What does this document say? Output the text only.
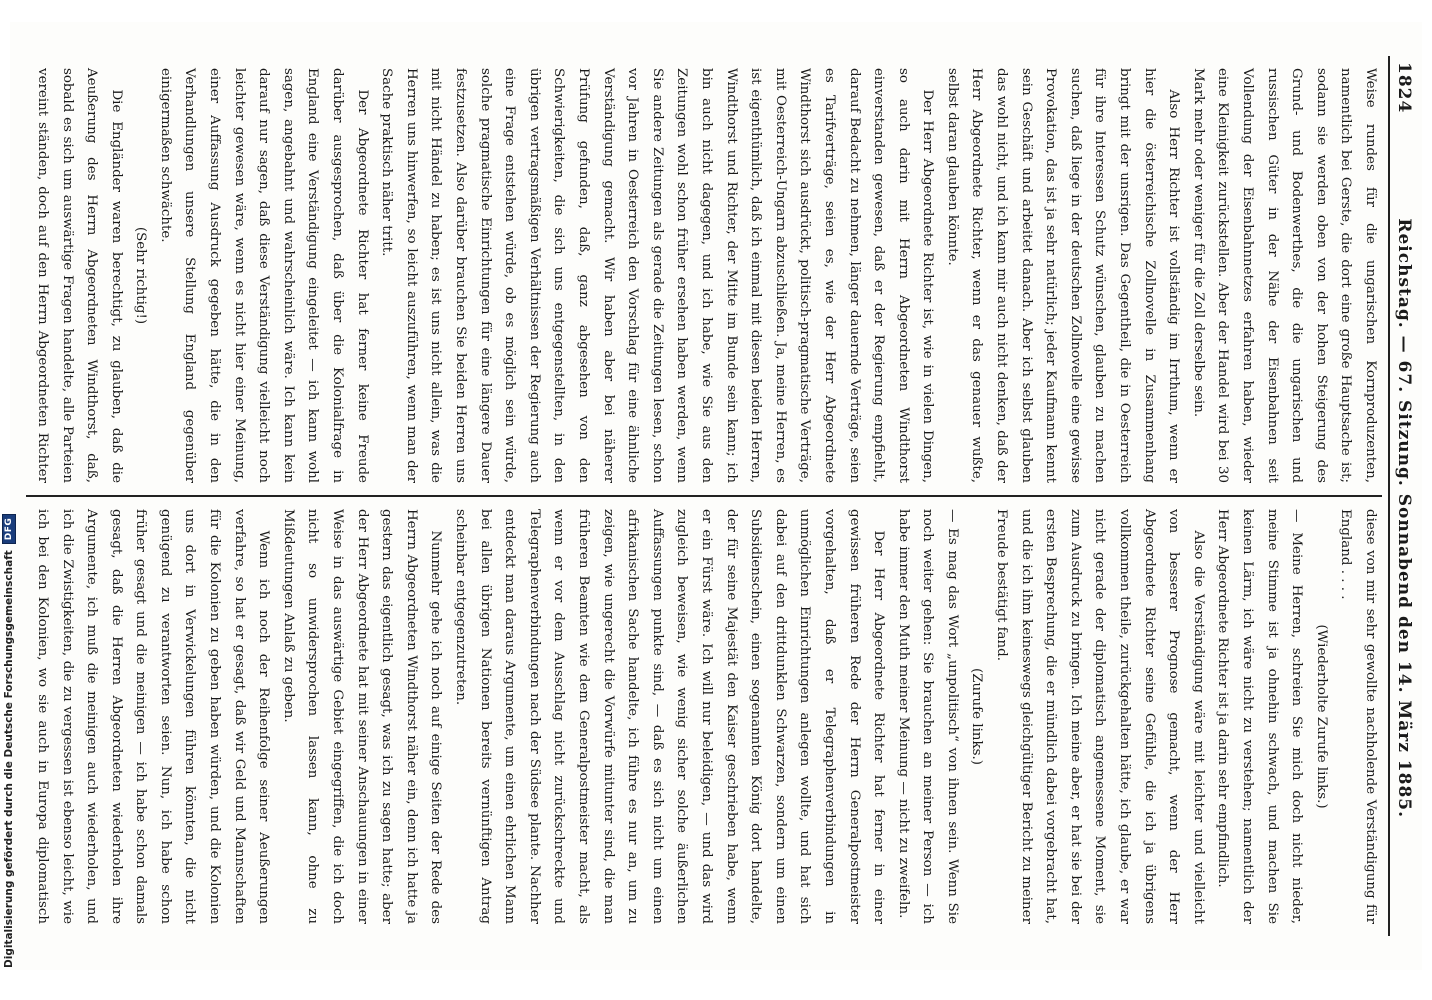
1824
Reichstag. — 67. Sitzung. Sonnabend den 14. März 1885.

Weise rundes für die ungarischen Kornproduzenten, namentlich bei Gerste, die dort eine große Hauptsache ist; sodann sie werden oben von der hohen Steigerung des Grund- und Bodenwerthes, die die ungarischen und russischen Güter in der Nähe der Eisenbahnen seit Vollendung der Eisenbahnnetzes erfahren haben, wieder eine Kleinigkeit zurückstellen. Aber der Handel wird bei 30 Mark mehr oder weniger für die Zoll derselbe sein.

Also Herr Richter ist vollständig im Irrthum, wenn er hier die österreichische Zollnovelle in Zusammenhang bringt mit der unsrigen. Das Gegentheil, die in Oesterreich für ihre Interessen Schutz wünschen, glauben zu machen suchen, daß liege in der deutschen Zollnovelle eine gewisse Provokation, das ist ja sehr natürlich; jeder Kaufmann kennt sein Geschäft und arbeitet danach. Aber ich selbst glauben das wohl nicht, und ich kann mir auch nicht denken, daß der Herr Abgeordnete Richter, wenn er das genauer wußte, selbst daran glauben könnte.

Der Herr Abgeordnete Richter ist, wie in vielen Dingen, so auch darin mit Herrn Abgeordneten Windthorst einverstanden gewesen, daß er der Regierung empfiehlt, darauf Bedacht zu nehmen, länger dauernde Verträge, seien es Tarifverträge, seien es, wie der Herr Abgeordnete Windthorst sich ausdrückt, politisch-pragmatische Verträge, mit Oesterreich-Ungarn abzuschließen. Ja, meine Herren, es ist eigenthümlich, daß ich einmal mit diesen beiden Herren, Windthorst und Richter, der Mitte im Bunde sein kann; ich bin auch nicht dagegen, und ich habe, wie Sie aus den Zeitungen wohl schon früher ersehen haben werden, wenn Sie andere Zeitungen als gerade die Zeitungen lesen, schon vor Jahren in Oesterreich den Vorschlag für eine ähnliche Verständigung gemacht. Wir haben aber bei näherer Prüfung gefunden, daß, ganz abgesehen von den Schwierigkeiten, die sich uns entgegenstellten, in den übrigen vertragsmäßigen Verhältnissen der Regierung auch eine Frage entstehen würde, ob es möglich sein würde, solche pragmatische Einrichtungen für eine längere Dauer festzusetzen. Also darüber brauchen Sie beiden Herren uns mit nicht Händel zu haben; es ist uns nicht allein, was die Herren uns hinwerfen, so leicht auszuführen, wenn man der Sache praktisch näher tritt.

Der Abgeordnete Richter hat ferner keine Freude darüber ausgesprochen, daß über die Kolonialfrage in England eine Verständigung eingeleitet — ich kann wohl sagen, angebahnt und wahrscheinlich wäre. Ich kann kein darauf nur sagen, daß diese Verständigung vielleicht noch leichter gewesen wäre, wenn es nicht hier einer Meinung, einer Auffassung Ausdruck gegeben hätte, die in den Verhandlungen unsere Stellung England gegenüber einigermaßen schwächte.

(Sehr richtig!)

Die Engländer waren berechtigt, zu glauben, daß die Aeußerung des Herrn Abgeordneten Windthorst, daß, sobald es sich um auswärtige Fragen handelte, alle Parteien vereint ständen, doch auf den Herrn Abgeordneten Richter

diese von mir sehr gewollte nachholende Verständigung für England . . . .

(Wiederholte Zurufe links.)

— Meine Herren, schreien Sie mich doch nicht nieder, meine Stimme ist ja ohnehin schwach, und machen Sie keinen Lärm, ich wäre nicht zu verstehen; namentlich der Herr Abgeordnete Richter ist ja darin sehr empfindlich.

Also die Verständigung wäre mit leichter und vielleicht von besserer Prognose gemacht, wenn der Herr Abgeordnete Richter seine Gefühle, die ich ja übrigens vollkommen theile, zurückgehalten hätte, ich glaube, er war nicht gerade der diplomatisch angemessene Moment, sie zum Ausdruck zu bringen. Ich meine aber, er hat sie bei der ersten Besprechung, die er mündlich dabei vorgebracht hat, und die ich ihm keineswegs gleichgültiger Bericht zu meiner Freude bestätigt fand.

(Zurufe links.)

— Es mag das Wort „unpolitisch“ von ihnen sein. Wenn Sie noch weiter gehen: Sie brauchen an meiner Person — ich habe immer den Muth meiner Meinung — nicht zu zweifeln.

Der Herr Abgeordnete Richter hat ferner in einer gewissen früheren Rede der Herrn Generalpostmeister vorgehalten, daß er Telegraphenverbindungen in unmöglichen Einrichtungen anlegen wollte, und hat sich dabei auf den drittdunklen Schwarzen, sondern um einen Subsidienschein, einen sogenannten König dort handelte, der für seine Majestät den Kaiser geschrieben habe, wenn er ein Fürst wäre. Ich will nur beleidigen, — und das wird zugleich beweisen, wie wenig sicher solche äußerlichen Auffassungen punkte sind, — daß es sich nicht um einen afrikanischen Sache handelte, ich führe es nur an, um zu zeigen, wie ungerecht die Vorwürfe mitunter sind, die man früheren Beamten wie dem Generalpostmeister macht, als wenn er vor dem Ausschlag nicht zurückschreckte und Telegraphenverbindungen nach der Südsee plante. Nachher entdeckt man daraus Argumente, um einen ehrlichen Mann bei allen übrigen Nationen bereits vernünftigen Antrag scheinbar entgegenzutreten.

Nunmehr gehe ich noch auf einige Seiten der Rede des Herrn Abgeordneten Windthorst näher ein, denn ich hatte ja gestern das eigentlich gesagt, was ich zu sagen hatte; aber der Herr Abgeordnete hat mit seiner Anschauungen in einer Weise in das auswärtige Gebiet eingegriffen, die ich doch nicht so unwidersprochen lassen kann, ohne zu Mißdeutungen Anlaß zu geben.

Wenn ich noch der Reihenfolge seiner Aeußerungen verfahre, so hat er gesagt, daß wir Geld und Mannschaften für die Kolonien zu geben haben würden, und die Kolonien uns dort in Verwickelungen führen könnten, die nicht genügend zu verantworten seien. Nun, ich habe schon früher gesagt und die meinigen — ich habe schon damals gesagt, daß die Herren Abgeordneten wiederholen ihre Argumente, ich muß die meinigen auch wiederholen, und ich die Zwistigkeiten, die zu vergessen ist ebenso leicht, wie ich bei den Kolonien, wo sie auch in Europa diplomatisch

Digitalisierung gefördert durch die Deutsche Forschungsgemeinschaft
DFG
